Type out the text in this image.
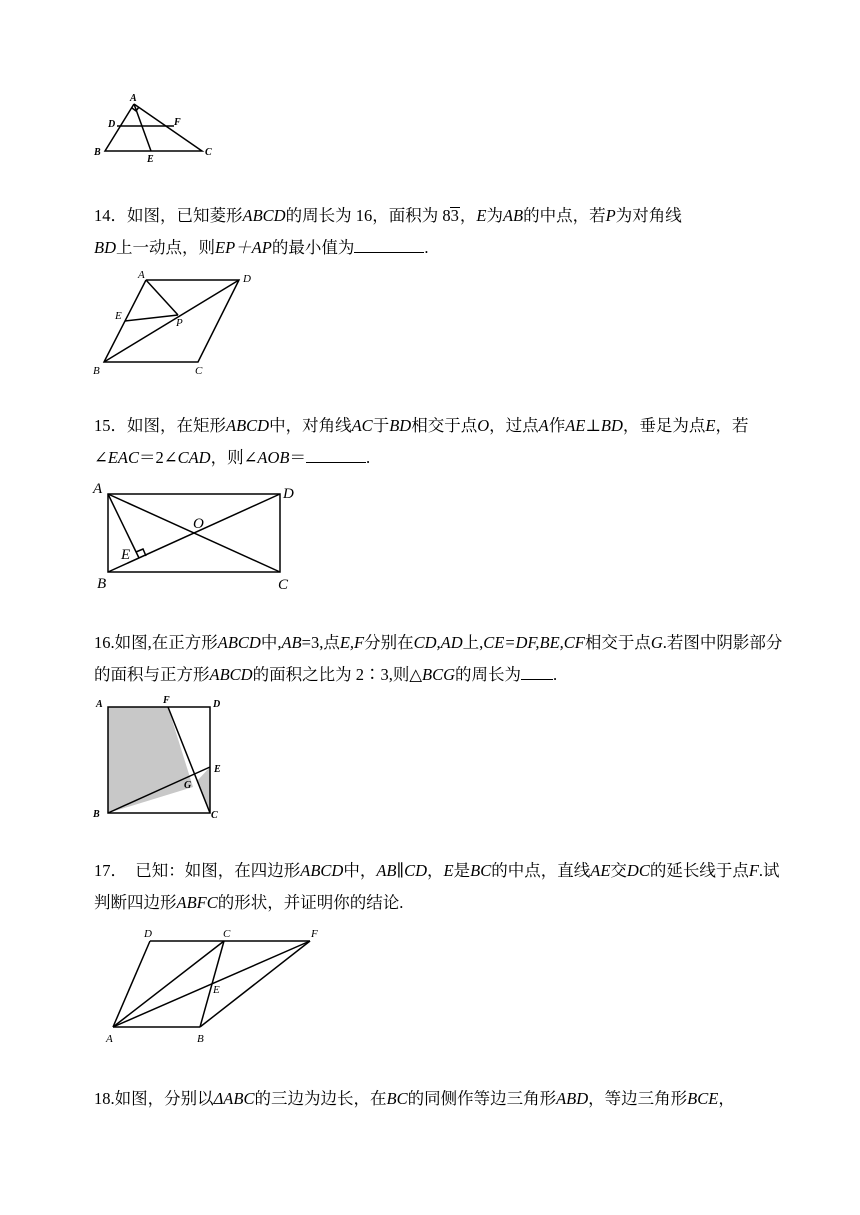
A
D	F
B
E
C
14．如图，已知菱形ABCD的周长为 16，面积为 83，E为AB的中点，若P为对角线
BD上一动点，则EP＋AP的最小值为	.
A	D
E
P
B	C
15．如图，在矩形ABCD中，对角线AC于BD相交于点O，过点A作AE⊥BD，垂足为点E，若∠EAC＝2∠CAD，则∠AOB＝	.
A	D
O
E
B	C
16.如图,在正方形ABCD中,AB=3,点E,F分别在CD,AD上,CE=DF,BE,CF相交于点G.若图中阴影部分的面积与正方形ABCD的面积之比为 2∶3,则△BCG的周长为 .
A	F	D
E
G
B	C
17． 已知：如图，在四边形ABCD中，AB∥CD，E是BC的中点，直线AE交DC的延长线于点F.试判断四边形ABFC的形状，并证明你的结论.
D	C	F
E
A	B
18.如图，分别以ΔABC的三边为边长，在BC的同侧作等边三角形ABD，等边三角形BCE，
